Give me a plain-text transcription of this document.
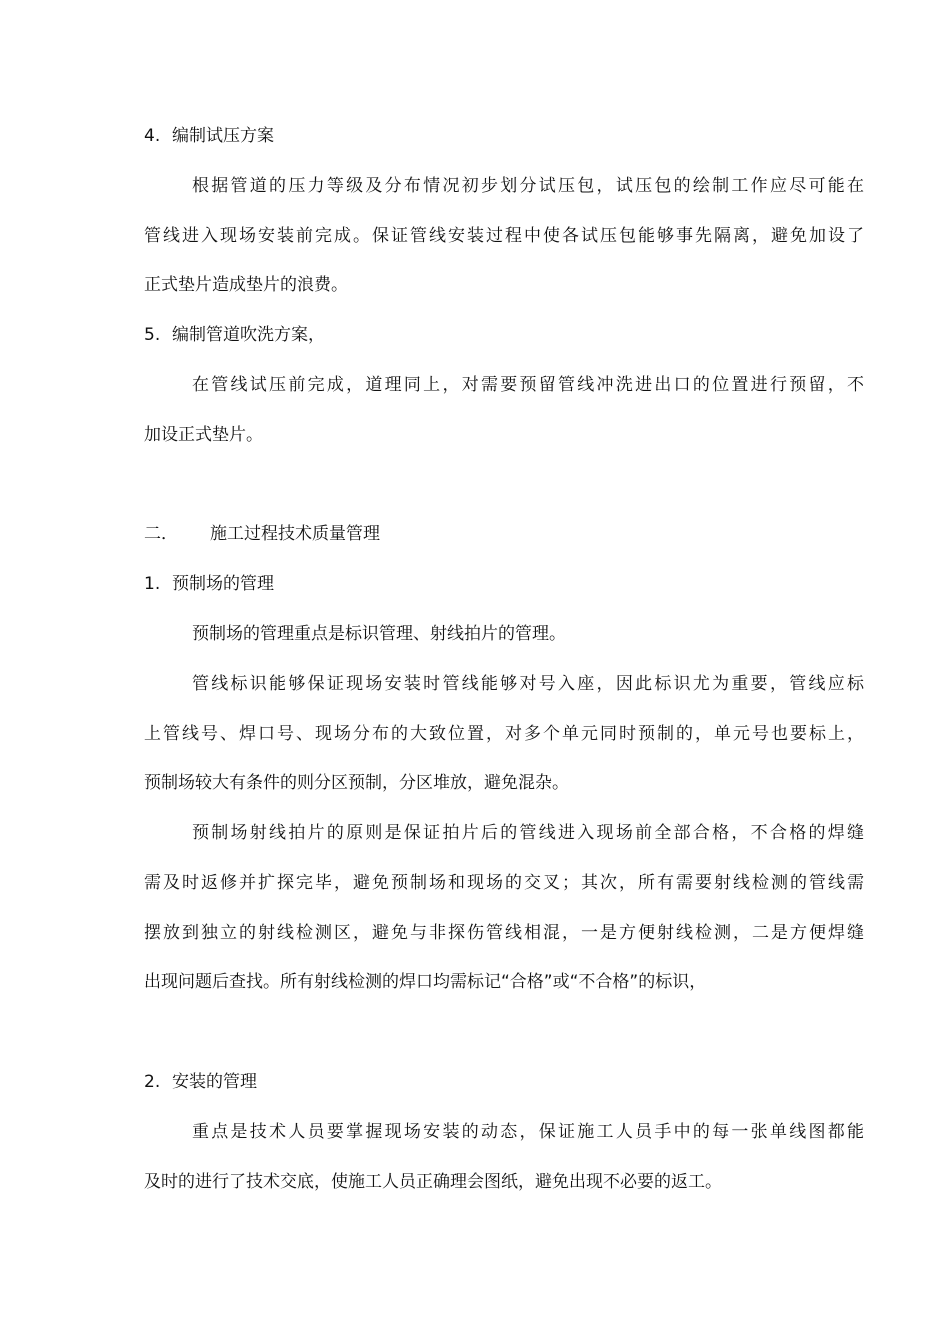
4. 编制试压方案
根据管道的压力等级及分布情况初步划分试压包，试压包的绘制工作应尽可能在
管线进入现场安装前完成。保证管线安装过程中使各试压包能够事先隔离，避免加设了
正式垫片造成垫片的浪费。
5. 编制管道吹洗方案，
在管线试压前完成，道理同上，对需要预留管线冲洗进出口的位置进行预留，不
加设正式垫片。
二． 施工过程技术质量管理
1. 预制场的管理
预制场的管理重点是标识管理、射线拍片的管理。
管线标识能够保证现场安装时管线能够对号入座，因此标识尤为重要，管线应标
上管线号、焊口号、现场分布的大致位置，对多个单元同时预制的，单元号也要标上，
预制场较大有条件的则分区预制，分区堆放，避免混杂。
预制场射线拍片的原则是保证拍片后的管线进入现场前全部合格，不合格的焊缝
需及时返修并扩探完毕，避免预制场和现场的交叉；其次，所有需要射线检测的管线需
摆放到独立的射线检测区，避免与非探伤管线相混，一是方便射线检测，二是方便焊缝
出现问题后查找。所有射线检测的焊口均需标记“合格”或“不合格”的标识，
2. 安装的管理
重点是技术人员要掌握现场安装的动态，保证施工人员手中的每一张单线图都能
及时的进行了技术交底，使施工人员正确理会图纸，避免出现不必要的返工。
